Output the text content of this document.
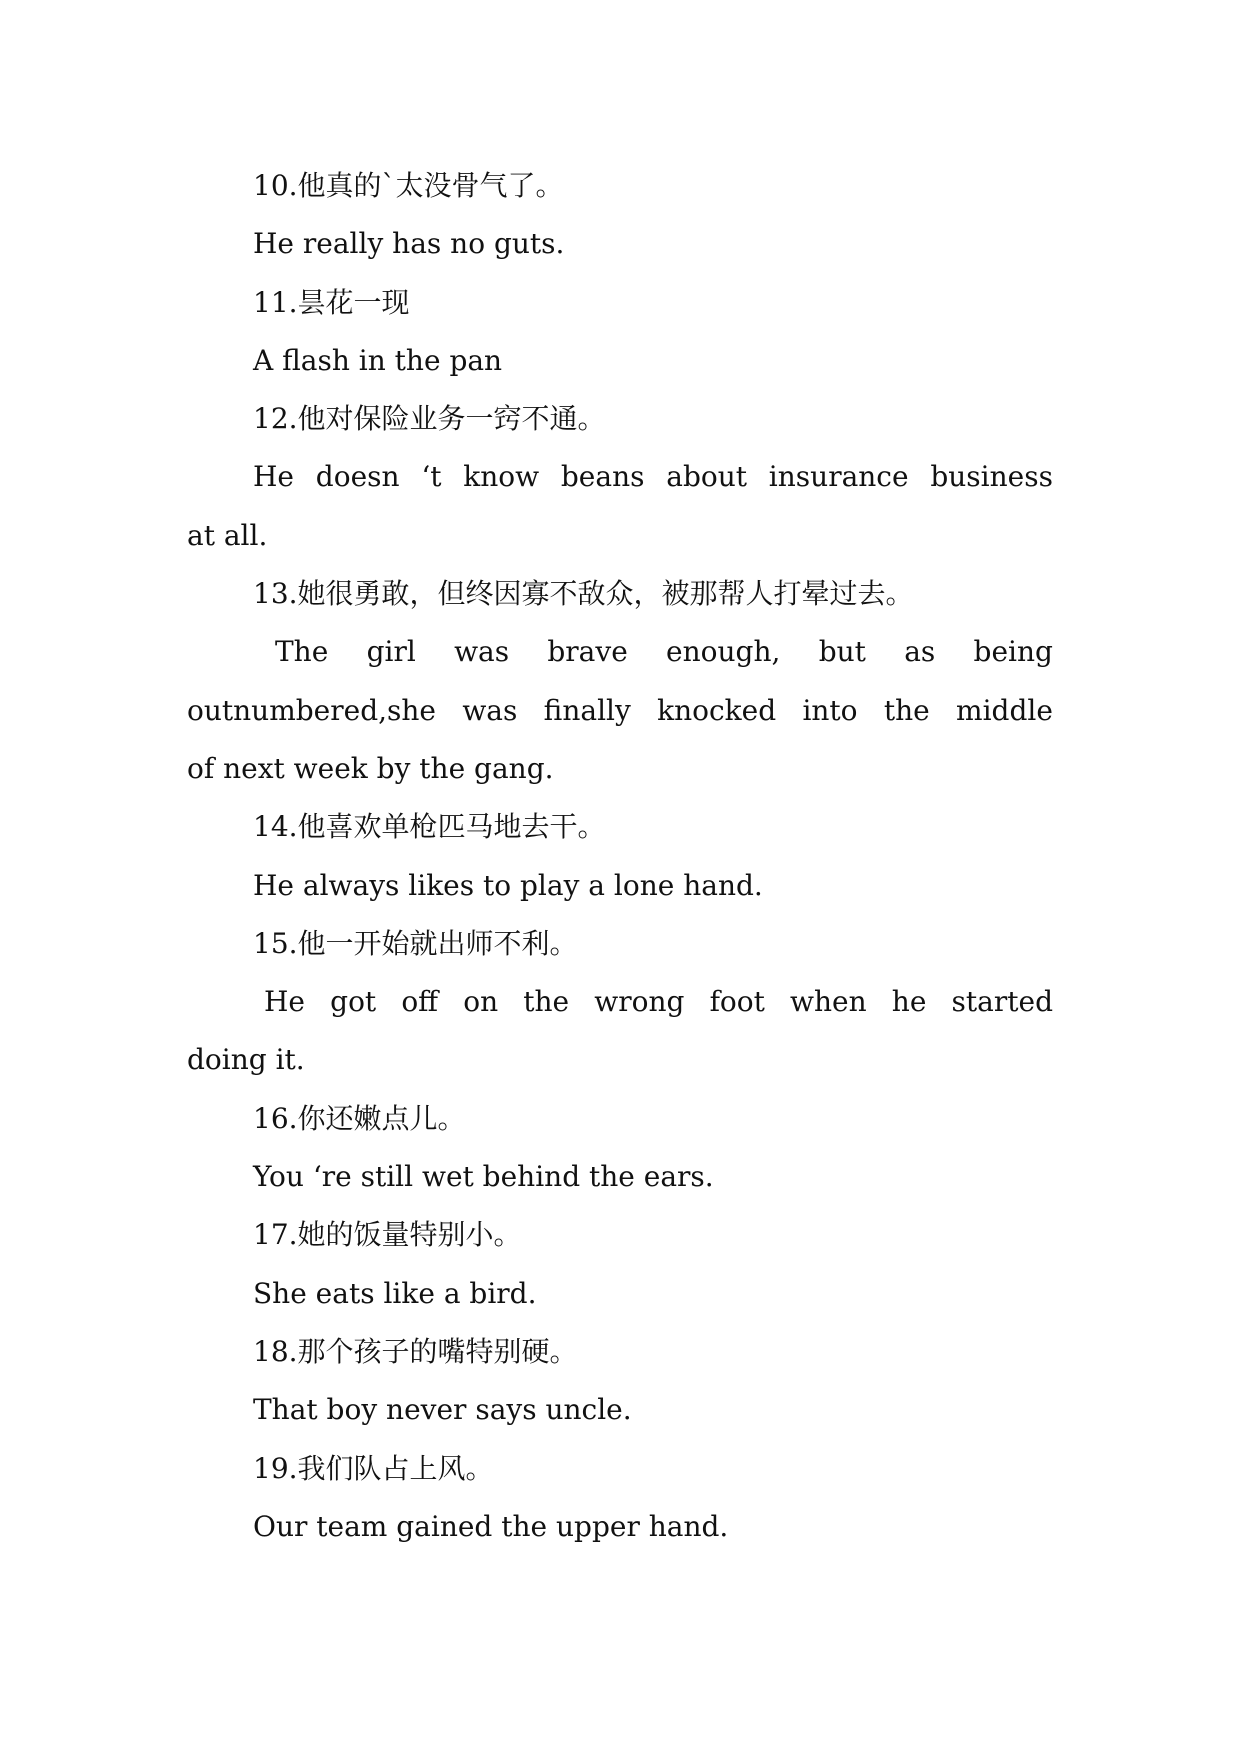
10.他真的`太没骨气了。
He really has no guts.
11.昙花一现
A flash in the pan
12.他对保险业务一窍不通。
He doesn ‘t know beans about insurance business
at all.
13.她很勇敢，但终因寡不敌众，被那帮人打晕过去。
The girl was brave enough, but as being
outnumbered,she was finally knocked into the middle
of next week by the gang.
14.他喜欢单枪匹马地去干。
He always likes to play a lone hand.
15.他一开始就出师不利。
He got off on the wrong foot when he started
doing it.
16.你还嫩点儿。
You ‘re still wet behind the ears.
17.她的饭量特别小。
She eats like a bird.
18.那个孩子的嘴特别硬。
That boy never says uncle.
19.我们队占上风。
Our team gained the upper hand.
